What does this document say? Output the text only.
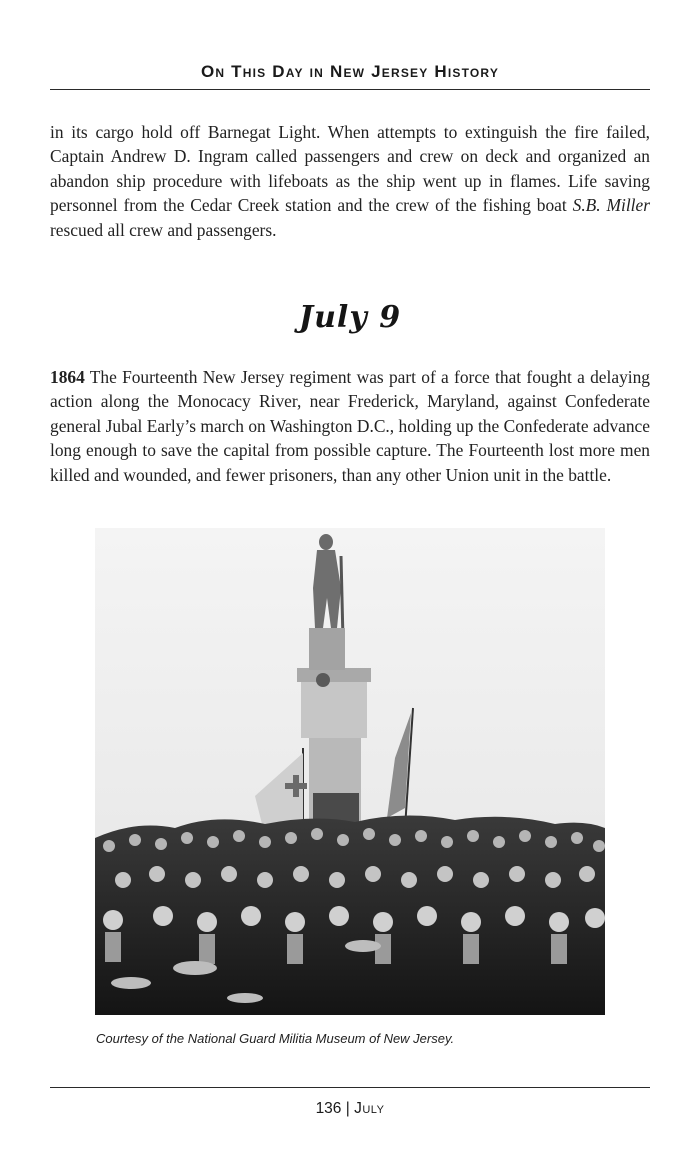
On This Day in New Jersey History

in its cargo hold off Barnegat Light. When attempts to extinguish the fire failed, Captain Andrew D. Ingram called passengers and crew on deck and organized an abandon ship procedure with lifeboats as the ship went up in flames. Life saving personnel from the Cedar Creek station and the crew of the fishing boat S.B. Miller rescued all crew and passengers.

July 9

1864 The Fourteenth New Jersey regiment was part of a force that fought a delaying action along the Monocacy River, near Frederick, Maryland, against Confederate general Jubal Early’s march on Washington D.C., holding up the Confederate advance long enough to save the capital from possible capture. The Fourteenth lost more men killed and wounded, and fewer prisoners, than any other Union unit in the battle.

Courtesy of the National Guard Militia Museum of New Jersey.
136 | July
